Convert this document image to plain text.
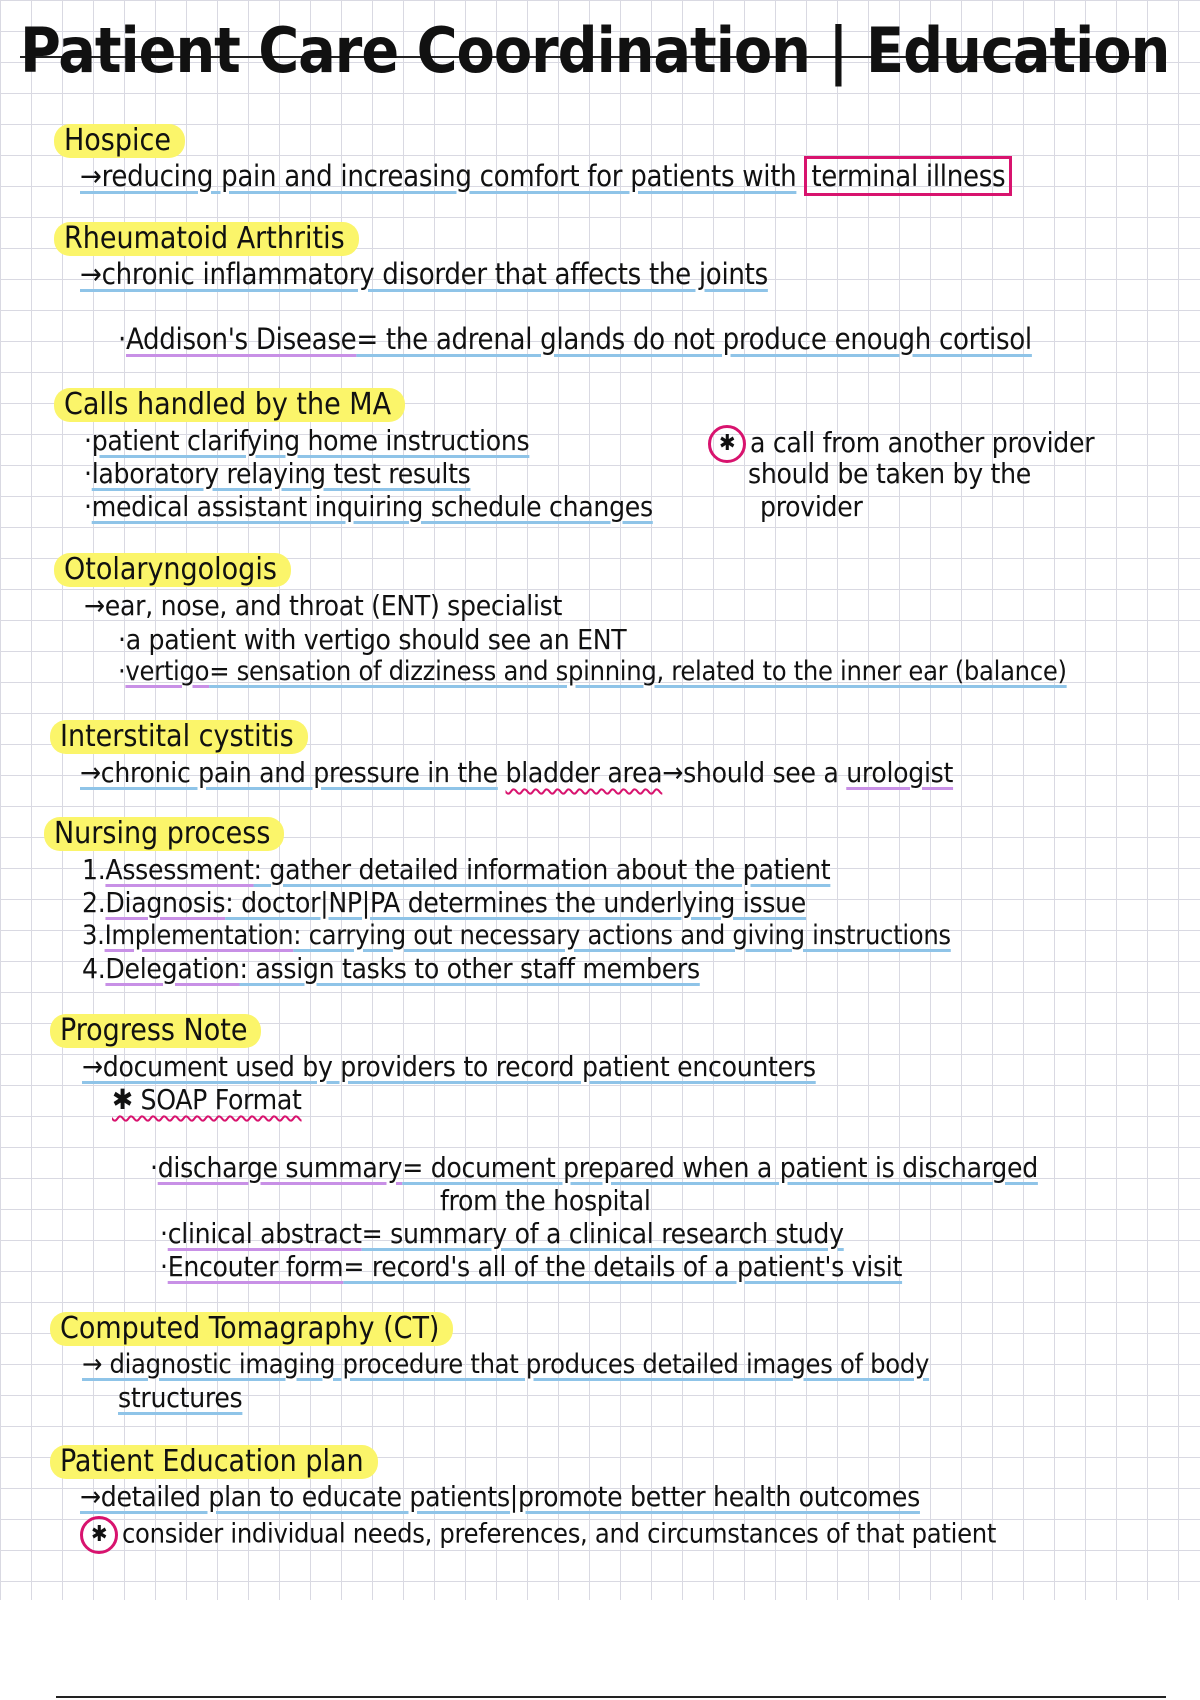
Patient Care Coordination | Education
Hospice
→reducing pain and increasing comfort for patients with terminal illness
Rheumatoid Arthritis
→chronic inflammatory disorder that affects the joints
·Addison's Disease= the adrenal glands do not produce enough cortisol
Calls handled by the MA
·patient clarifying home instructions
·laboratory relaying test results
·medical assistant inquiring schedule changes
✱ a call from another provider
should be taken by the
provider
Otolaryngologis
→ear, nose, and throat (ENT) specialist
·a patient with vertigo should see an ENT
·vertigo= sensation of dizziness and spinning, related to the inner ear (balance)
Interstital cystitis
→chronic pain and pressure in the bladder area→should see a urologist
Nursing process
1.Assessment: gather detailed information about the patient
2.Diagnosis: doctor|NP|PA determines the underlying issue
3.Implementation: carrying out necessary actions and giving instructions
4.Delegation: assign tasks to other staff members
Progress Note
→document used by providers to record patient encounters
✱ SOAP Format
·discharge summary= document prepared when a patient is discharged
from the hospital
·clinical abstract= summary of a clinical research study
·Encouter form= record's all of the details of a patient's visit
Computed Tomagraphy (CT)
→ diagnostic imaging procedure that produces detailed images of body
structures
Patient Education plan
→detailed plan to educate patients|promote better health outcomes
✱ consider individual needs, preferences, and circumstances of that patient
